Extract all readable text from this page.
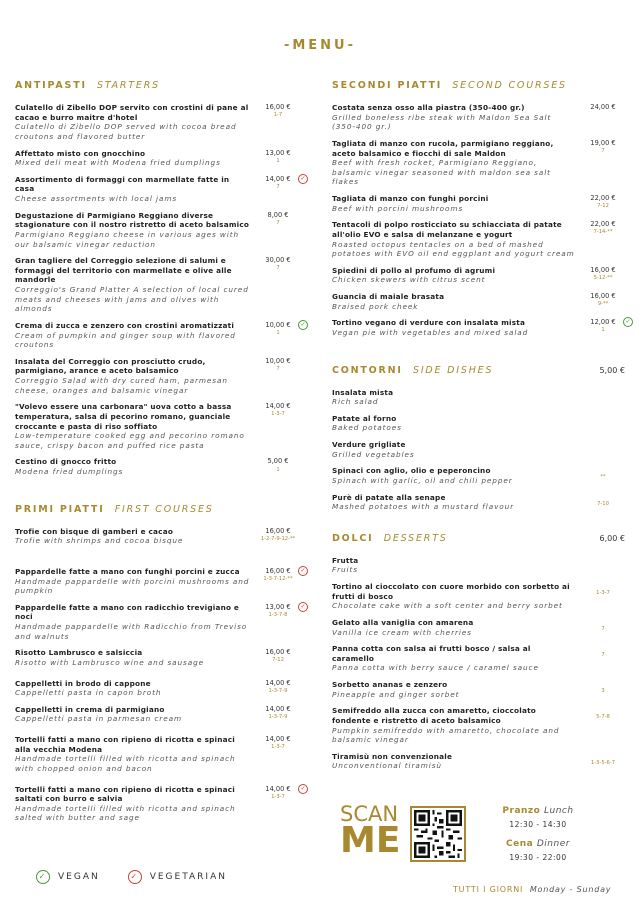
-MENU-
ANTIPASTI STARTERS
Culatello di Zibello DOP servito con crostini di pane al cacao e burro maitre d'hotel
Culatello di Zibello DOP served with cocoa bread croutons and flavored butter
16,00 €
1-7
Affettato misto con gnocchino
Mixed deli meat with Modena fried dumplings
13,00 €
1
Assortimento di formaggi con marmellate fatte in casa
Cheese assortments with local jams
14,00 €
7
✓
Degustazione di Parmigiano Reggiano diverse stagionature con il nostro ristretto di aceto balsamico
Parmigiano Reggiano cheese in various ages with our balsamic vinegar reduction
8,00 €
7
Gran tagliere del Correggio selezione di salumi e formaggi del territorio con marmellate e olive alle mandorle
Correggio's Grand Platter A selection of local cured meats and cheeses with jams and olives with almonds
30,00 €
7
Crema di zucca e zenzero con crostini aromatizzati
Cream of pumpkin and ginger soup with flavored croutons
10,00 €
1
✓
Insalata del Correggio con prosciutto crudo, parmigiano, arance e aceto balsamico
Correggio Salad with dry cured ham, parmesan cheese, oranges and balsamic vinegar
10,00 €
7
"Volevo essere una carbonara" uova cotto a bassa temperatura, salsa di pecorino romano, guanciale croccante e pasta di riso soffiato
Low-temperature cooked egg and pecorino romano sauce, crispy bacon and puffed rice pasta
14,00 €
1-3-7
Cestino di gnocco fritto
Modena fried dumplings
5,00 €
1
PRIMI PIATTI FIRST COURSES
Trofie con bisque di gamberi e cacao
Trofie with shrimps and cocoa bisque
16,00 €
1-2-7-9-12-**
Pappardelle fatte a mano con funghi porcini e zucca
Handmade pappardelle with porcini mushrooms and pumpkin
16,00 €
1-3-7-12-**
✓
Pappardelle fatte a mano con radicchio trevigiano e noci
Handmade pappardelle with Radicchio from Treviso and walnuts
13,00 €
1-3-7-8
✓
Risotto Lambrusco e salsiccia
Risotto with Lambrusco wine and sausage
16,00 €
7-12
Cappelletti in brodo di cappone
Cappelletti pasta in capon broth
14,00 €
1-3-7-9
Cappelletti in crema di parmigiano
Cappelletti pasta in parmesan cream
14,00 €
1-3-7-9
Tortelli fatti a mano con ripieno di ricotta e spinaci alla vecchia Modena
Handmade tortelli filled with ricotta and spinach with chopped onion and bacon
14,00 €
1-3-7
Tortelli fatti a mano con ripieno di ricotta e spinaci saltati con burro e salvia
Handmade tortelli filled with ricotta and spinach salted with butter and sage
14,00 €
1-3-7
✓
SECONDI PIATTI SECOND COURSES
Costata senza osso alla piastra (350-400 gr.)
Grilled boneless ribe steak with Maldon Sea Salt (350-400 gr.)
24,00 €
Tagliata di manzo con rucola, parmigiano reggiano, aceto balsamico e fiocchi di sale Maldon
Beef with fresh rocket, Parmigiano Reggiano, balsamic vinegar seasoned with maldon sea salt flakes
19,00 €
7
Tagliata di manzo con funghi porcini
Beef with porcini mushrooms
22,00 €
7-12
Tentacoli di polpo rosticciato su schiacciata di patate all'olio EVO e salsa di melanzane e yogurt
Roasted octopus tentacles on a bed of mashed potatoes with EVO oil end eggplant and yogurt cream
22,00 €
7-14-**
Spiedini di pollo al profumo di agrumi
Chicken skewers with citrus scent
16,00 €
5-12-**
Guancia di maiale brasata
Braised pork cheek
16,00 €
9-**
Tortino vegano di verdure con insalata mista
Vegan pie with vegetables and mixed salad
12,00 €
1
✓
CONTORNI SIDE DISHES	5,00 €
Insalata mista
Rich salad
Patate al forno
Baked potatoes
Verdure grigliate
Grilled vegetables
Spinaci con aglio, olio e peperoncino
Spinach with garlic, oil and chili pepper	**
Purè di patate alla senape
Mashed potatoes with a mustard flavour	7-10
DOLCI DESSERTS	6,00 €
Frutta
Fruits
Tortino al cioccolato con cuore morbido con sorbetto ai frutti di bosco
Chocolate cake with a soft center and berry sorbet
1-3-7
Gelato alla vaniglia con amarena
Vanilla ice cream with cherries	7
Panna cotta con salsa ai frutti bosco / salsa al caramello
Panna cotta with berry sauce / caramel sauce
7
Sorbetto ananas e zenzero
Pineapple and ginger sorbet	3
Semifreddo alla zucca con amaretto, cioccolato fondente e ristretto di aceto balsamico
Pumpkin semifreddo with amaretto, chocolate and balsamic vinegar
5-7-8
Tiramisù non convenzionale
Unconventional tiramisù	1-3-5-6-7
✓ VEGAN	✓ VEGETARIAN
SCAN
ME
Pranzo Lunch
12:30 - 14:30
Cena Dinner
19:30 - 22:00
TUTTI I GIORNI Monday - Sunday
